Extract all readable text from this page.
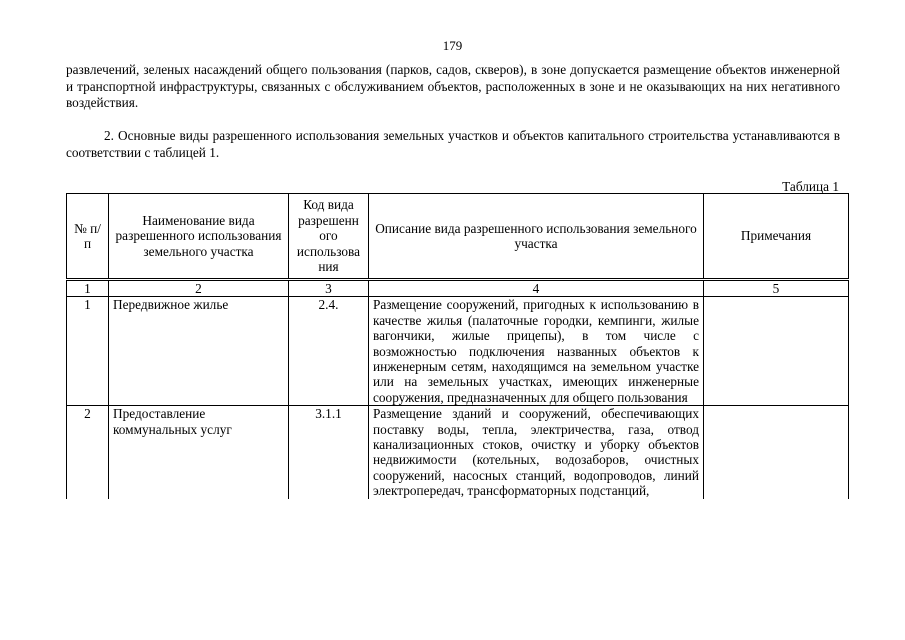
179
развлечений, зеленых насаждений общего пользования (парков, садов, скверов), в зоне допускается размещение объектов инженерной и транспортной инфраструктуры, связанных с обслуживанием объектов, расположенных в зоне и не оказывающих на них негативного воздействия.
2. Основные виды разрешенного использования земельных участков и объектов капитального строительства устанавливаются в соответствии с таблицей 1.
Таблица 1
№ п/п	Наименование вида разрешенного использования земельного участка	Код вида разрешенн ого использова ния	Описание вида разрешенного использования земельного участка	Примечания
1	2	3	4	5
1	Передвижное жилье	2.4.	Размещение сооружений, пригодных к использованию в качестве жилья (палаточные городки, кемпинги, жилые вагончики, жилые прицепы), в том числе с возможностью подключения названных объектов к инженерным сетям, находящимся на земельном участке или на земельных участках, имеющих инженерные сооружения, предназначенных для общего пользования	
2	Предоставление коммунальных услуг	3.1.1	Размещение зданий и сооружений, обеспечивающих поставку воды, тепла, электричества, газа, отвод канализационных стоков, очистку и уборку объектов недвижимости (котельных, водозаборов, очистных сооружений, насосных станций, водопроводов, линий электропередач, трансформаторных подстанций,	
